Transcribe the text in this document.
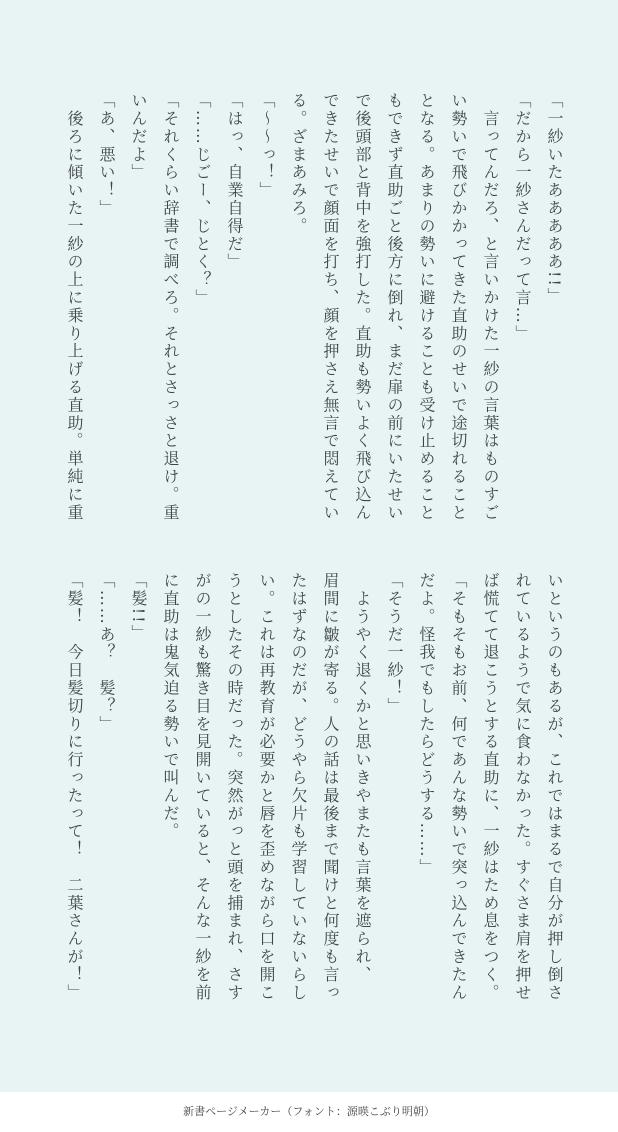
「一紗いたあああああ!!」
「だから一紗さんだって言…」
　言ってんだろ、と言いかけた一紗の言葉はものすご
い勢いで飛びかかってきた直助のせいで途切れること
となる。あまりの勢いに避けることも受け止めること
もできず直助ごと後方に倒れ、まだ扉の前にいたせい
で後頭部と背中を強打した。直助も勢いよく飛び込ん
できたせいで顔面を打ち、顔を押さえ無言で悶えてい
る。ざまあみろ。
「～～っ！」
「はっ、自業自得だ」
「……じごー、じとく？」
「それくらい辞書で調べろ。それとさっさと退け。重
いんだよ」
「あ、悪い！」
　後ろに傾いた一紗の上に乗り上げる直助。単純に重
いというのもあるが、これではまるで自分が押し倒さ
れているようで気に食わなかった。すぐさま肩を押せ
ば慌てて退こうとする直助に、一紗はため息をつく。
「そもそもお前、何であんな勢いで突っ込んできたん
だよ。怪我でもしたらどうする……」
「そうだ一紗！」
　ようやく退くかと思いきやまたも言葉を遮られ、
眉間に皺が寄る。人の話は最後まで聞けと何度も言っ
たはずなのだが、どうやら欠片も学習していないらし
い。これは再教育が必要かと唇を歪めながら口を開こ
うとしたその時だった。突然がっと頭を捕まれ、さす
がの一紗も驚き目を見開いていると、そんな一紗を前
に直助は鬼気迫る勢いで叫んだ。
「髪!!」
「……あ？　髪？」
「髪！　今日髪切りに行ったって！　二葉さんが！」
新書ページメーカー（フォント：源暎こぶり明朝）
